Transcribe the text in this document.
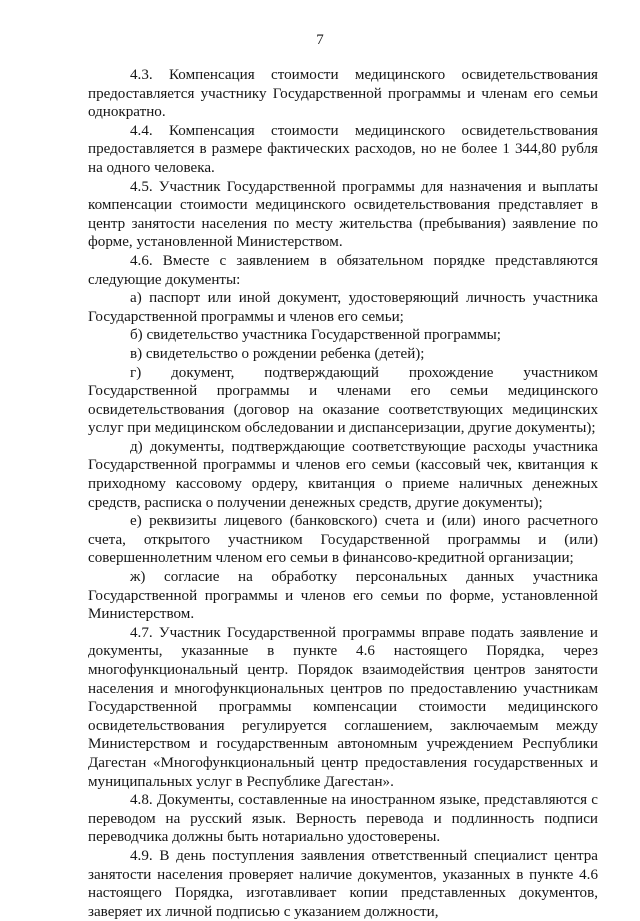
7

4.3. Компенсация стоимости медицинского освидетельствования предоставляется участнику Государственной программы и членам его семьи однократно.

4.4. Компенсация стоимости медицинского освидетельствования предоставляется в размере фактических расходов, но не более 1 344,80 рубля на одного человека.

4.5. Участник Государственной программы для назначения и выплаты компенсации стоимости медицинского освидетельствования представляет в центр занятости населения по месту жительства (пребывания) заявление по форме, установленной Министерством.

4.6. Вместе с заявлением в обязательном порядке представляются следующие документы:

а) паспорт или иной документ, удостоверяющий личность участника Государственной программы и членов его семьи;

б) свидетельство участника Государственной программы;

в) свидетельство о рождении ребенка (детей);

г) документ, подтверждающий прохождение участником Государственной программы и членами его семьи медицинского освидетельствования (договор на оказание соответствующих медицинских услуг при медицинском обследовании и диспансеризации, другие документы);

д) документы, подтверждающие соответствующие расходы участника Государственной программы и членов его семьи (кассовый чек, квитанция к приходному кассовому ордеру, квитанция о приеме наличных денежных средств, расписка о получении денежных средств, другие документы);

е) реквизиты лицевого (банковского) счета и (или) иного расчетного счета, открытого участником Государственной программы и (или) совершеннолетним членом его семьи в финансово-кредитной организации;

ж) согласие на обработку персональных данных участника Государственной программы и членов его семьи по форме, установленной Министерством.

4.7. Участник Государственной программы вправе подать заявление и документы, указанные в пункте 4.6 настоящего Порядка, через многофункциональный центр. Порядок взаимодействия центров занятости населения и многофункциональных центров по предоставлению участникам Государственной программы компенсации стоимости медицинского освидетельствования регулируется соглашением, заключаемым между Министерством и государственным автономным учреждением Республики Дагестан «Многофункциональный центр предоставления государственных и муниципальных услуг в Республике Дагестан».

4.8. Документы, составленные на иностранном языке, представляются с переводом на русский язык. Верность перевода и подлинность подписи переводчика должны быть нотариально удостоверены.

4.9. В день поступления заявления ответственный специалист центра занятости населения проверяет наличие документов, указанных в пункте 4.6 настоящего Порядка, изготавливает копии представленных документов, заверяет их личной подписью с указанием должности,
